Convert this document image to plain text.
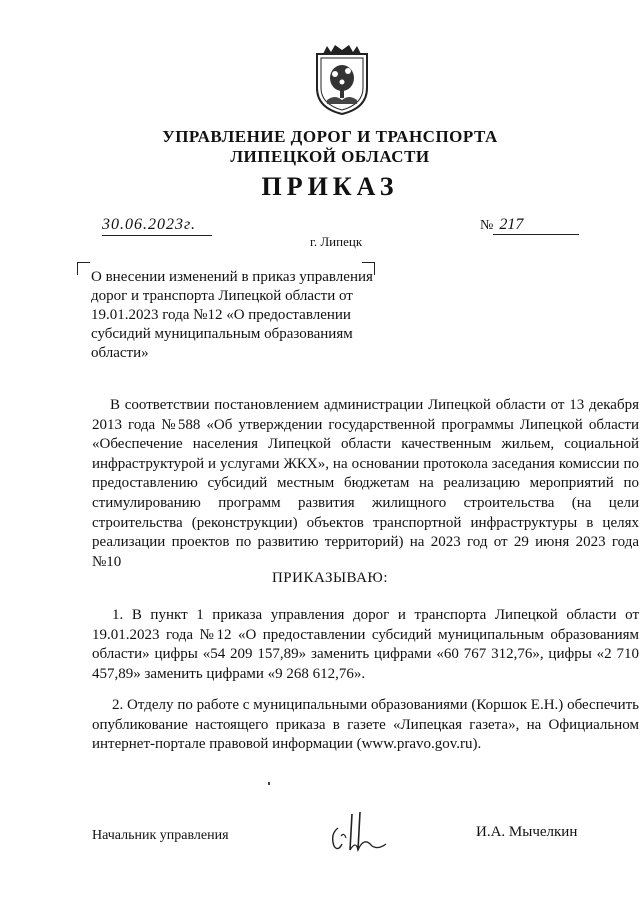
УПРАВЛЕНИЕ ДОРОГ И ТРАНСПОРТА
ЛИПЕЦКОЙ ОБЛАСТИ
ПРИКАЗ
30.06.2023г.	№ 217
г. Липецк
О внесении изменений в приказ управления дорог и транспорта Липецкой области от 19.01.2023 года №12 «О предоставлении субсидий муниципальным образованиям области»
В соответствии постановлением администрации Липецкой области от 13 декабря 2013 года №588 «Об утверждении государственной программы Липецкой области «Обеспечение населения Липецкой области качественным жильем, социальной инфраструктурой и услугами ЖКХ», на основании протокола заседания комиссии по предоставлению субсидий местным бюджетам на реализацию мероприятий по стимулированию программ развития жилищного строительства (на цели строительства (реконструкции) объектов транспортной инфраструктуры в целях реализации проектов по развитию территорий) на 2023 год от 29 июня 2023 года №10
ПРИКАЗЫВАЮ:
1. В пункт 1 приказа управления дорог и транспорта Липецкой области от 19.01.2023 года №12 «О предоставлении субсидий муниципальным образованиям области» цифры «54 209 157,89» заменить цифрами «60 767 312,76», цифры «2 710 457,89» заменить цифрами «9 268 612,76».
2. Отделу по работе с муниципальными образованиями (Коршок Е.Н.) обеспечить опубликование настоящего приказа в газете «Липецкая газета», на Официальном интернет-портале правовой информации (www.pravo.gov.ru).
Начальник управления	И.А. Мычелкин
